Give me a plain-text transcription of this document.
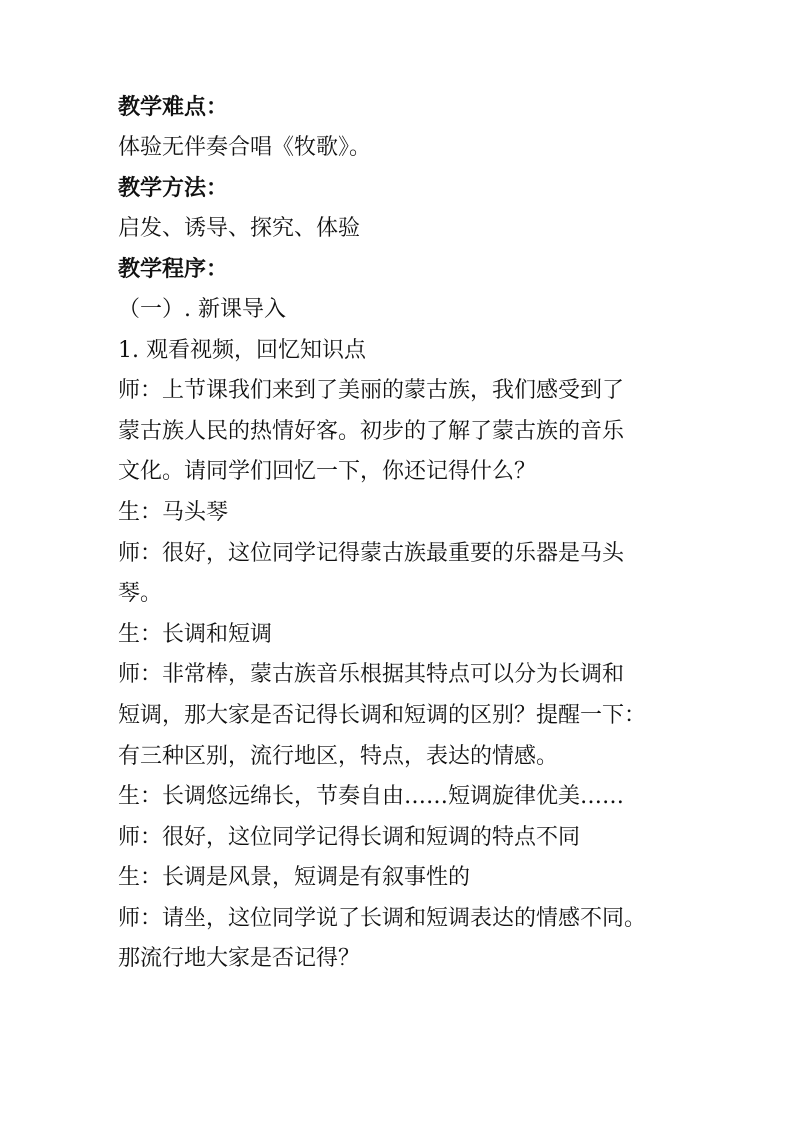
教学难点：
体验无伴奏合唱《牧歌》。
教学方法：
启发、诱导、探究、体验
教学程序：
（一）. 新课导入
1. 观看视频，回忆知识点
师：上节课我们来到了美丽的蒙古族，我们感受到了
蒙古族人民的热情好客。初步的了解了蒙古族的音乐
文化。请同学们回忆一下，你还记得什么？
生：马头琴
师：很好，这位同学记得蒙古族最重要的乐器是马头
琴。
生：长调和短调
师：非常棒，蒙古族音乐根据其特点可以分为长调和
短调，那大家是否记得长调和短调的区别？提醒一下：
有三种区别，流行地区，特点，表达的情感。
生：长调悠远绵长，节奏自由……短调旋律优美……
师：很好，这位同学记得长调和短调的特点不同
生：长调是风景，短调是有叙事性的
师：请坐，这位同学说了长调和短调表达的情感不同。
那流行地大家是否记得？
